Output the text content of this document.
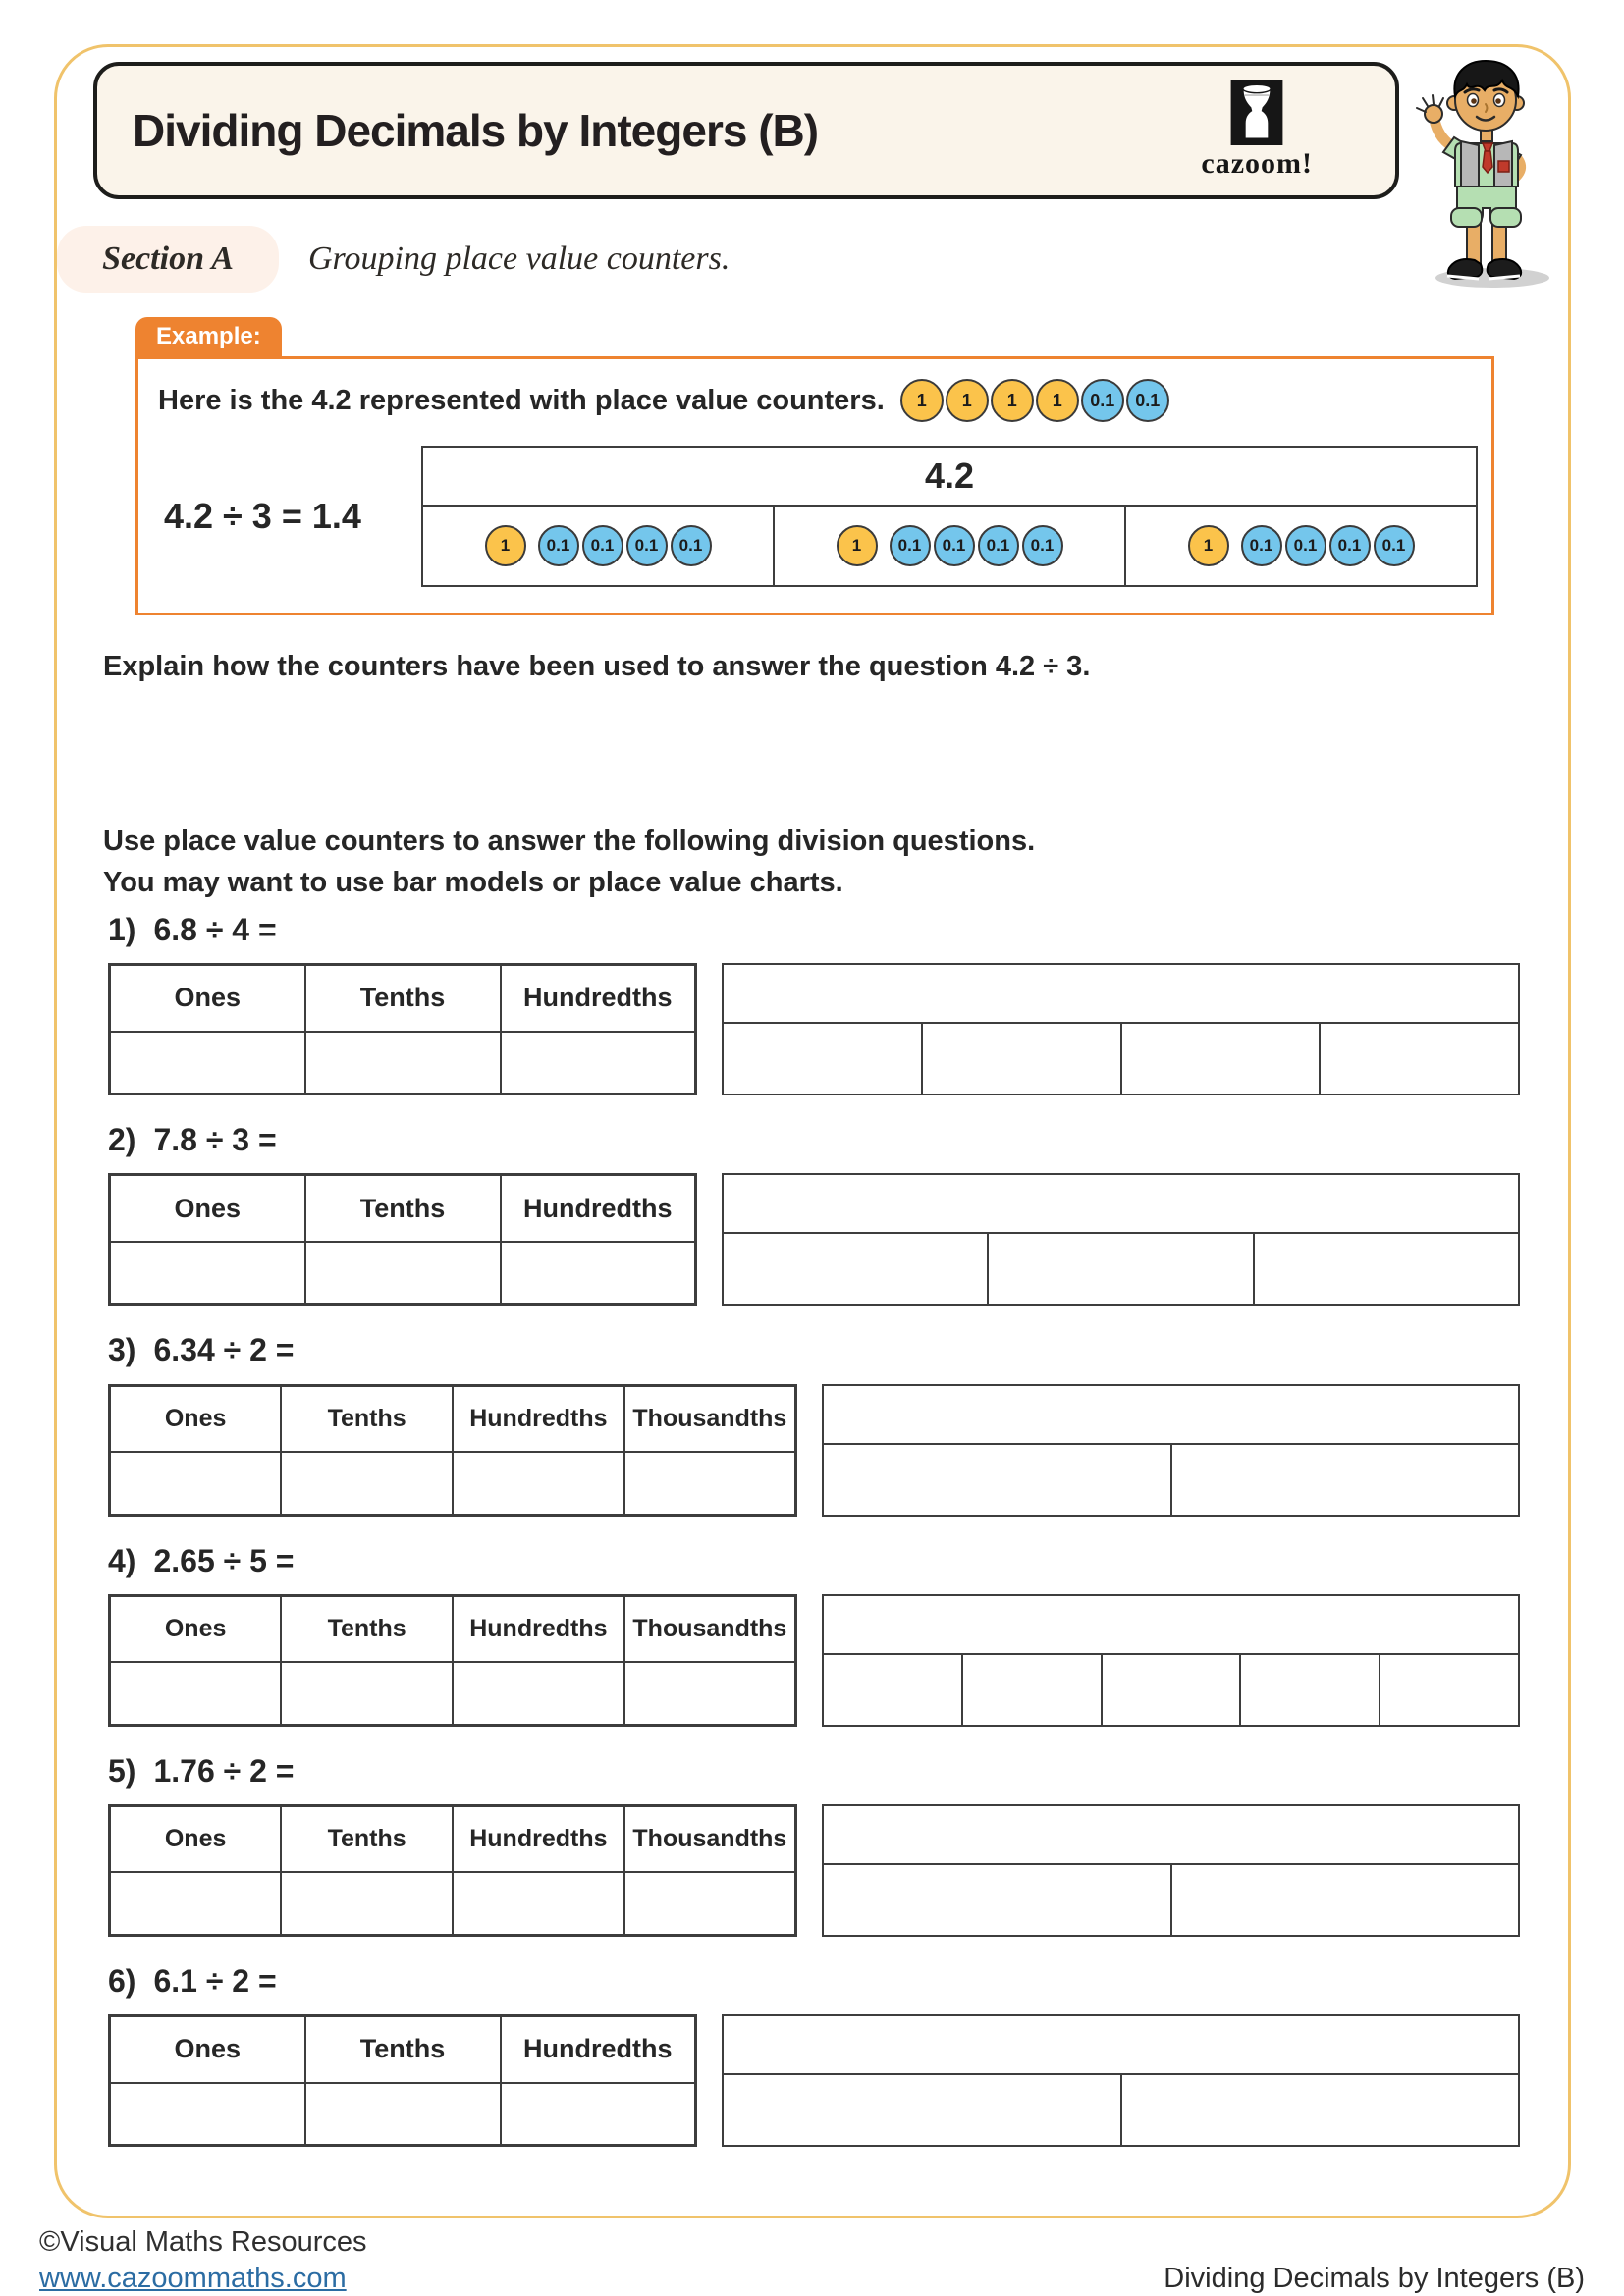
Dividing Decimals by Integers (B)
cazoom!
Section A Grouping place value counters.
Example:

Here is the 4.2 represented with place value counters.	1	1	1	1	0.1	0.1
4.2 ÷ 3 = 1.4
4.2
1	0.1	0.1	0.1	0.1	1	0.1	0.1	0.1	0.1	1	0.1	0.1	0.1	0.1

Explain how the counters have been used to answer the question 4.2 ÷ 3.

Use place value counters to answer the following division questions.
You may want to use bar models or place value charts.
1) 6.8 ÷ 4 =
Ones	Tenths	Hundredths

2) 7.8 ÷ 3 =
Ones	Tenths	Hundredths

3) 6.34 ÷ 2 =
Ones	Tenths	Hundredths	Thousandths

4) 2.65 ÷ 5 =
Ones	Tenths	Hundredths	Thousandths

5) 1.76 ÷ 2 =
Ones	Tenths	Hundredths	Thousandths

6) 6.1 ÷ 2 =
Ones	Tenths	Hundredths

©Visual Maths Resources
www.cazoommaths.com	Dividing Decimals by Integers (B)
